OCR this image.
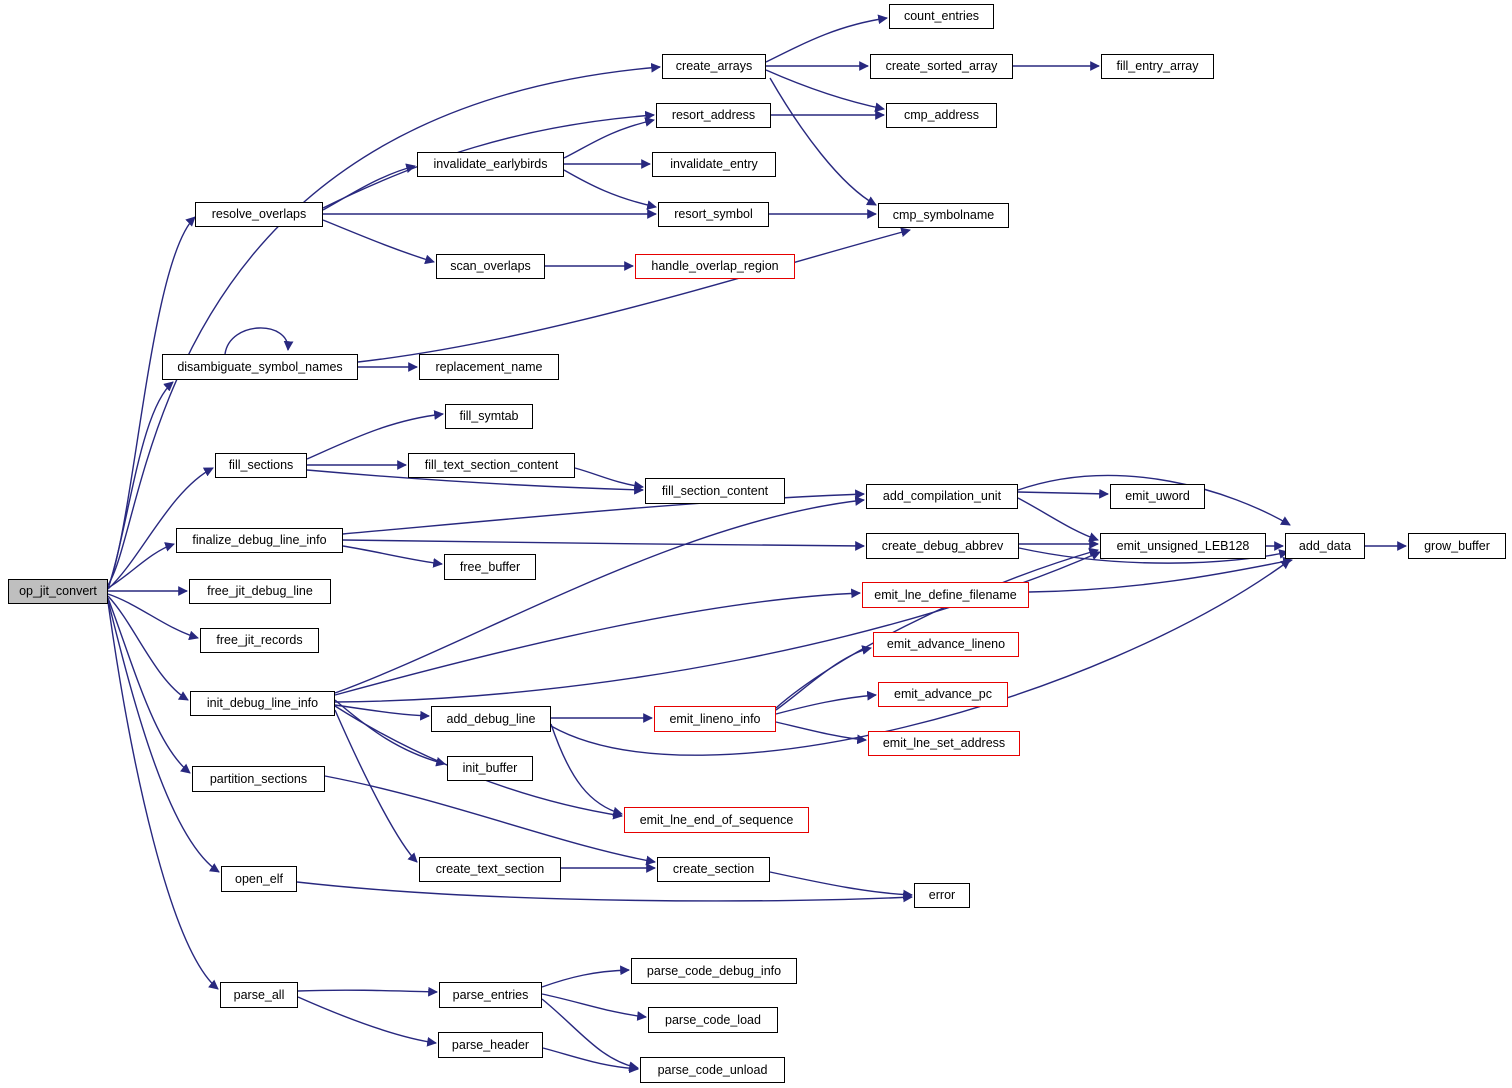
op_jit_convert
create_arrays
count_entries
create_sorted_array	fill_entry_array
cmp_address
resort_address
invalidate_earlybirds	invalidate_entry
resolve_overlaps	resort_symbol	cmp_symbolname
scan_overlaps	handle_overlap_region
disambiguate_symbol_names	replacement_name
fill_symtab
fill_sections	fill_text_section_content
fill_section_content	add_compilation_unit	emit_uword
finalize_debug_line_info	create_debug_abbrev	emit_unsigned_LEB128	add_data	grow_buffer
emit_lne_define_filename
free_jit_debug_line
emit_advance_lineno
free_jit_records
emit_advance_pc
init_debug_line_info
add_debug_line	emit_lineno_info
emit_lne_set_address
init_buffer
partition_sections
emit_lne_end_of_sequence
create_text_section	create_section
open_elf
error
free_buffer
parse_code_debug_info
parse_all	parse_entries
parse_code_load
parse_header
parse_code_unload
